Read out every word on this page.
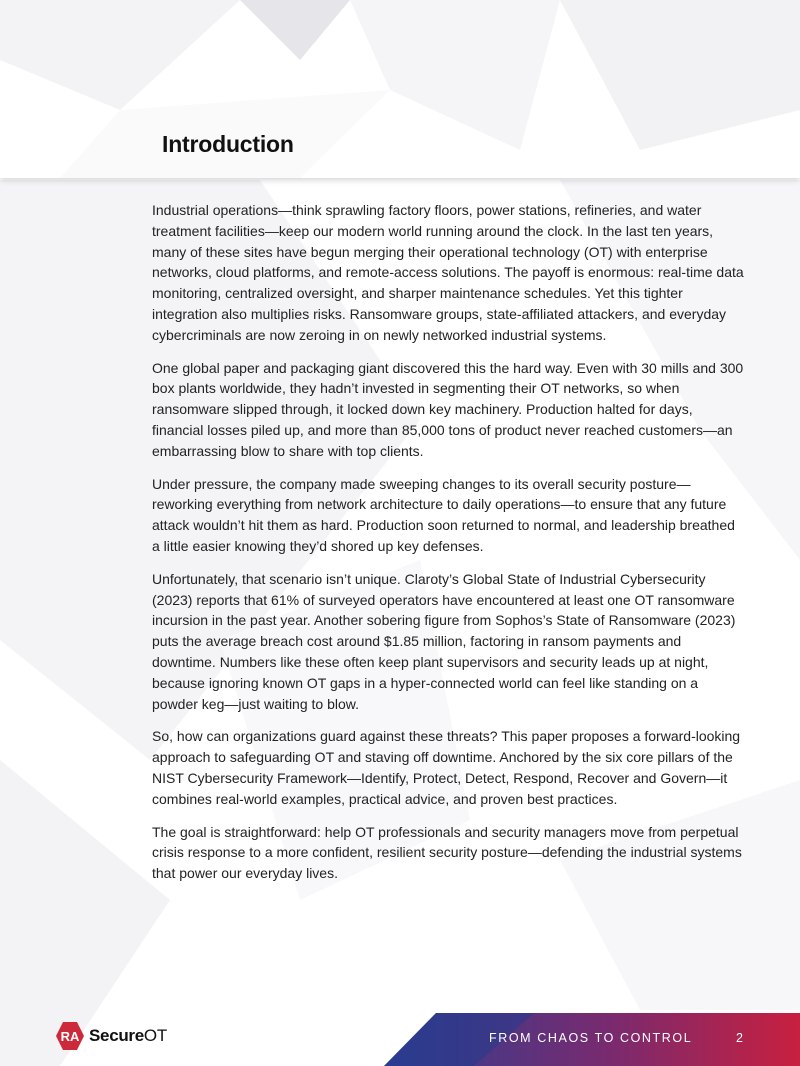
Introduction

Industrial operations—think sprawling factory floors, power stations, refineries, and water treatment facilities—keep our modern world running around the clock. In the last ten years, many of these sites have begun merging their operational technology (OT) with enterprise networks, cloud platforms, and remote-access solutions. The payoff is enormous: real-time data monitoring, centralized oversight, and sharper maintenance schedules. Yet this tighter integration also multiplies risks. Ransomware groups, state-affiliated attackers, and everyday cybercriminals are now zeroing in on newly networked industrial systems.

One global paper and packaging giant discovered this the hard way. Even with 30 mills and 300 box plants worldwide, they hadn’t invested in segmenting their OT networks, so when ransomware slipped through, it locked down key machinery. Production halted for days, financial losses piled up, and more than 85,000 tons of product never reached customers—an embarrassing blow to share with top clients.

Under pressure, the company made sweeping changes to its overall security posture—reworking everything from network architecture to daily operations—to ensure that any future attack wouldn’t hit them as hard. Production soon returned to normal, and leadership breathed a little easier knowing they’d shored up key defenses.

Unfortunately, that scenario isn’t unique. Claroty’s Global State of Industrial Cybersecurity (2023) reports that 61% of surveyed operators have encountered at least one OT ransomware incursion in the past year. Another sobering figure from Sophos’s State of Ransomware (2023) puts the average breach cost around $1.85 million, factoring in ransom payments and downtime. Numbers like these often keep plant supervisors and security leads up at night, because ignoring known OT gaps in a hyper-connected world can feel like standing on a powder keg—just waiting to blow.

So, how can organizations guard against these threats? This paper proposes a forward-looking approach to safeguarding OT and staving off downtime. Anchored by the six core pillars of the NIST Cybersecurity Framework—Identify, Protect, Detect, Respond, Recover and Govern—it combines real-world examples, practical advice, and proven best practices.

The goal is straightforward: help OT professionals and security managers move from perpetual crisis response to a more confident, resilient security posture—defending the industrial systems that power our everyday lives.

RA SecureOT	FROM CHAOS TO CONTROL	2
